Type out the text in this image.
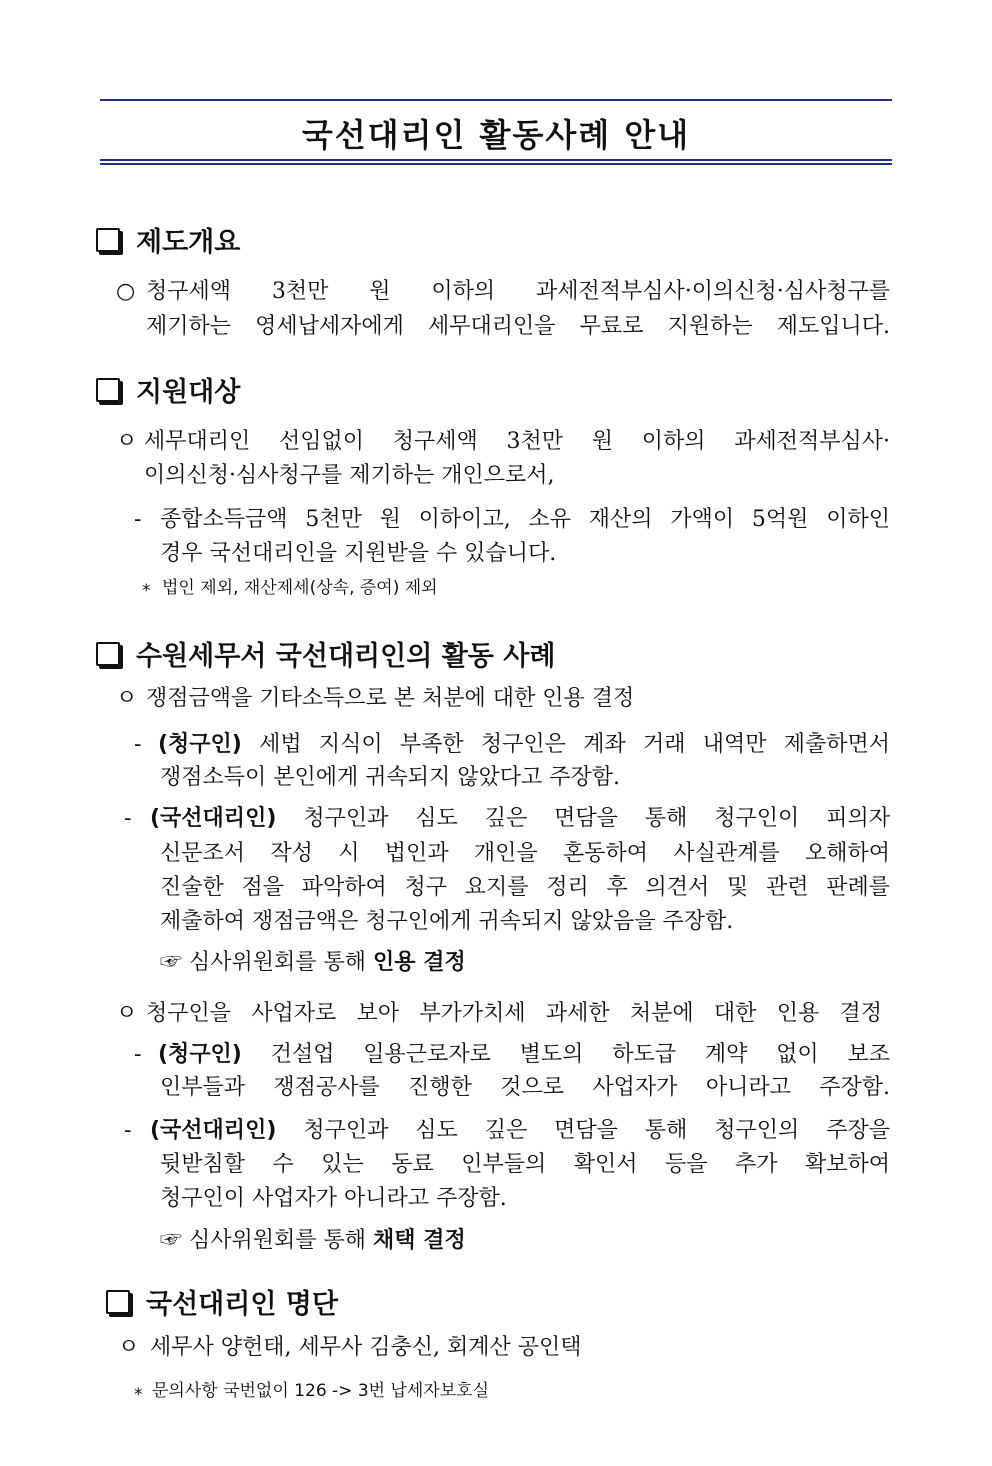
국선대리인 활동사례 안내
제도개요
○ 청구세액 3천만 원 이하의 과세전적부심사·이의신청·심사청구를
제기하는 영세납세자에게 세무대리인을 무료로 지원하는 제도입니다.
지원대상
ㅇ 세무대리인 선임없이 청구세액 3천만 원 이하의 과세전적부심사·
이의신청·심사청구를 제기하는 개인으로서,
- 종합소득금액 5천만 원 이하이고, 소유 재산의 가액이 5억원 이하인
경우 국선대리인을 지원받을 수 있습니다.
* 법인 제외, 재산제세(상속, 증여) 제외
수원세무서 국선대리인의 활동 사례
ㅇ 쟁점금액을 기타소득으로 본 처분에 대한 인용 결정
- (청구인) 세법 지식이 부족한 청구인은 계좌 거래 내역만 제출하면서
쟁점소득이 본인에게 귀속되지 않았다고 주장함.
- (국선대리인) 청구인과 심도 깊은 면담을 통해 청구인이 피의자
신문조서 작성 시 법인과 개인을 혼동하여 사실관계를 오해하여
진술한 점을 파악하여 청구 요지를 정리 후 의견서 및 관련 판례를
제출하여 쟁점금액은 청구인에게 귀속되지 않았음을 주장함.
☞ 심사위원회를 통해 인용 결정
ㅇ 청구인을 사업자로 보아 부가가치세 과세한 처분에 대한 인용 결정
- (청구인) 건설업 일용근로자로 별도의 하도급 계약 없이 보조
인부들과 쟁점공사를 진행한 것으로 사업자가 아니라고 주장함.
- (국선대리인) 청구인과 심도 깊은 면담을 통해 청구인의 주장을
뒷받침할 수 있는 동료 인부들의 확인서 등을 추가 확보하여
청구인이 사업자가 아니라고 주장함.
☞ 심사위원회를 통해 채택 결정
국선대리인 명단
ㅇ 세무사 양헌태, 세무사 김충신, 회계산 공인택
* 문의사항 국번없이 126 -> 3번 납세자보호실
